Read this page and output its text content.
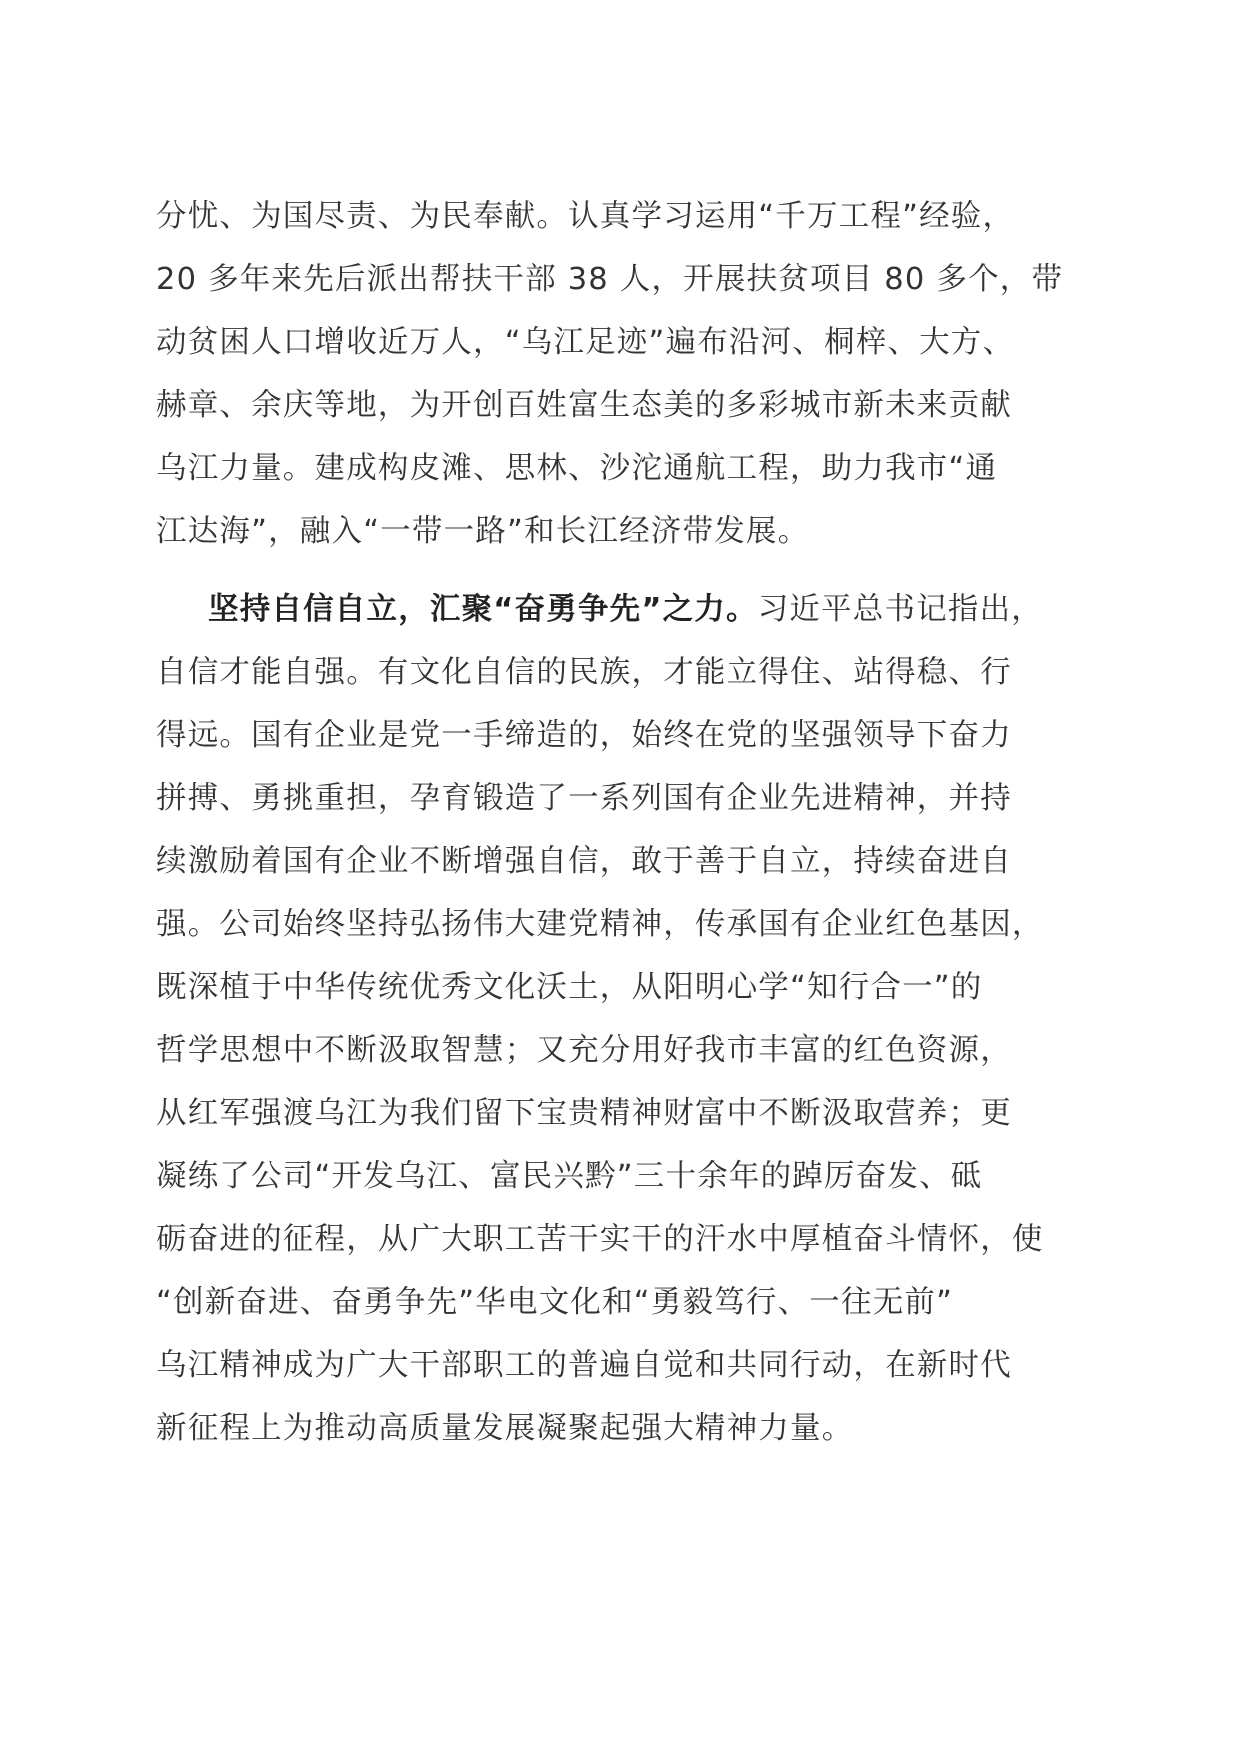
分忧、为国尽责、为民奉献。认真学习运用“千万工程”经验，
20 多年来先后派出帮扶干部 38 人，开展扶贫项目 80 多个，带
动贫困人口增收近万人，“乌江足迹”遍布沿河、桐梓、大方、
赫章、余庆等地，为开创百姓富生态美的多彩城市新未来贡献
乌江力量。建成构皮滩、思林、沙沱通航工程，助力我市“通
江达海”，融入“一带一路”和长江经济带发展。
坚持自信自立，汇聚“奋勇争先”之力。习近平总书记指出，
自信才能自强。有文化自信的民族，才能立得住、站得稳、行
得远。国有企业是党一手缔造的，始终在党的坚强领导下奋力
拼搏、勇挑重担，孕育锻造了一系列国有企业先进精神，并持
续激励着国有企业不断增强自信，敢于善于自立，持续奋进自
强。公司始终坚持弘扬伟大建党精神，传承国有企业红色基因，
既深植于中华传统优秀文化沃土，从阳明心学“知行合一”的
哲学思想中不断汲取智慧；又充分用好我市丰富的红色资源，
从红军强渡乌江为我们留下宝贵精神财富中不断汲取营养；更
凝练了公司“开发乌江、富民兴黔”三十余年的踔厉奋发、砥
砺奋进的征程，从广大职工苦干实干的汗水中厚植奋斗情怀，使
“创新奋进、奋勇争先”华电文化和“勇毅笃行、一往无前”
乌江精神成为广大干部职工的普遍自觉和共同行动，在新时代
新征程上为推动高质量发展凝聚起强大精神力量。
